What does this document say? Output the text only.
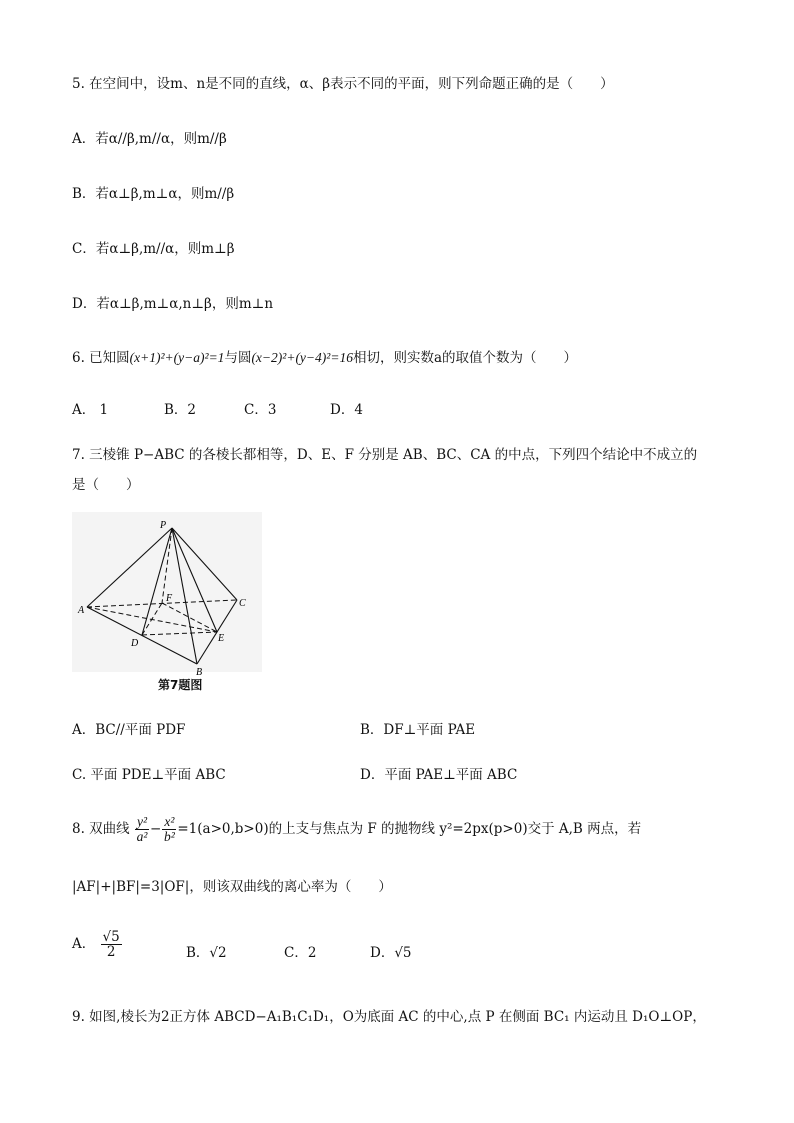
5. 在空间中，设m、n是不同的直线，α、β表示不同的平面，则下列命题正确的是（　　）
A．若α//β,m//α，则m//β
B．若α⊥β,m⊥α，则m//β
C．若α⊥β,m//α，则m⊥β
D．若α⊥β,m⊥α,n⊥β，则m⊥n
6. 已知圆(x+1)²+(y−a)²=1与圆(x−2)²+(y−4)²=16相切，则实数a的取值个数为（　　）
A． 1	B．2	C．3	D．4
7. 三棱锥 P−ABC 的各棱长都相等，D、E、F 分别是 AB、BC、CA 的中点，下列四个结论中不成立的
是（　　）
P
A
B
C
D	E
F
第7题图
A．BC//平面 PDF	B．DF⊥平面 PAE
C. 平面 PDE⊥平面 ABC	D．平面 PAE⊥平面 ABC
8. 双曲线 $\frac{\text{y²}}{\text{a²}} - \frac{\text{x²}}{\text{b²}} =1(a>0,b>0)$的上支与焦点为 F 的抛物线 y²=2px(p>0)交于 A,B 两点，若
|AF|+|BF|=3|OF|，则该双曲线的离心率为（　　）
A． $\frac{√5}{2}$	B．√2	C．2	D．√5
9. 如图,棱长为2正方体 ABCD−A₁B₁C₁D₁，O为底面 AC 的中心,点 P 在侧面 BC₁ 内运动且 D₁O⊥OP，
